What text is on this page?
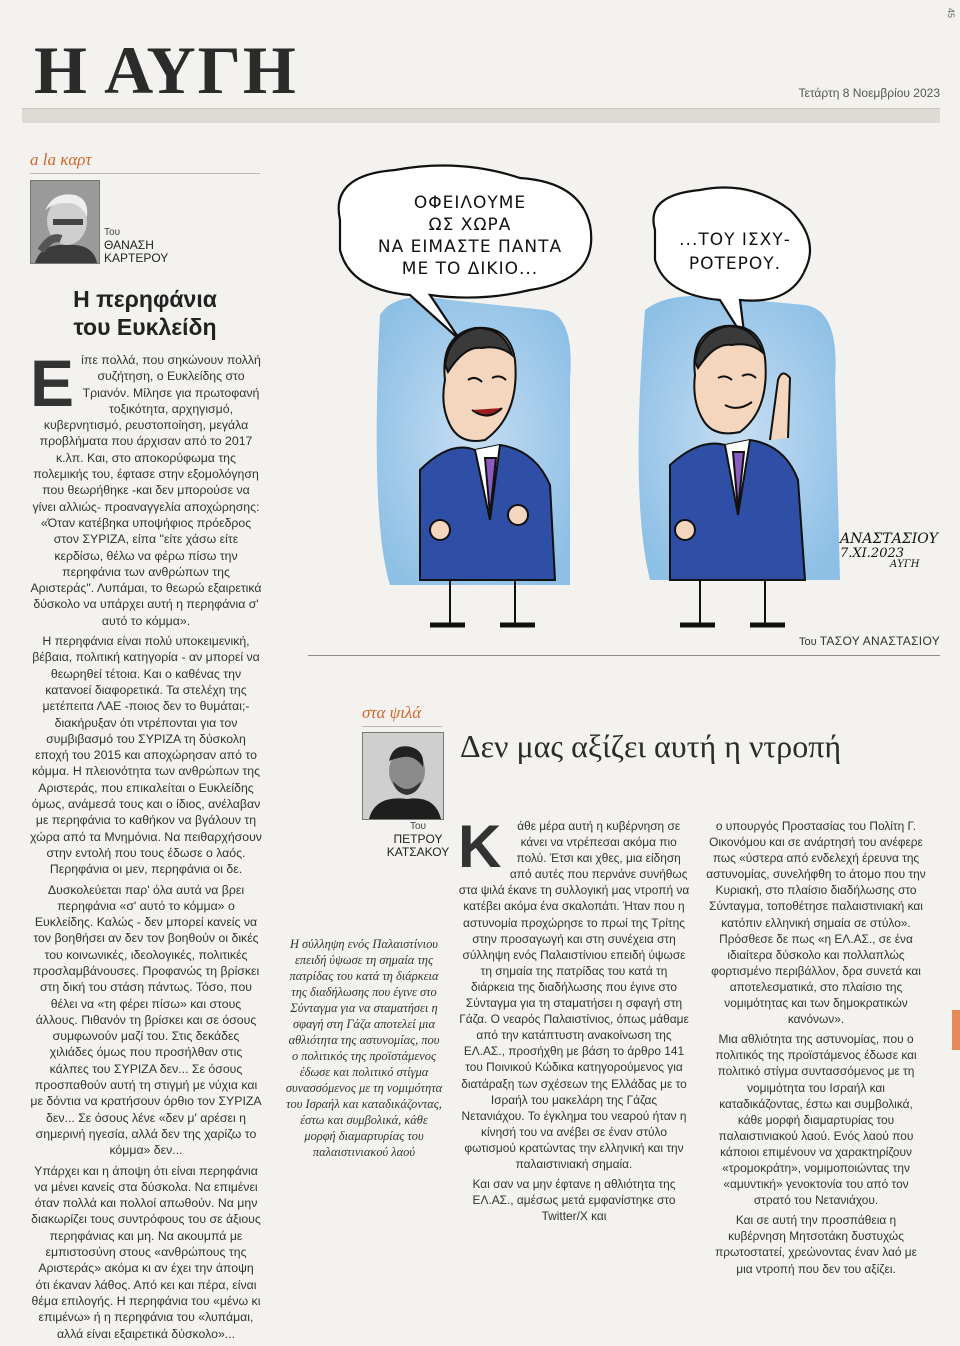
45
Η ΑΥΓΗ	Τετάρτη 8 Νοεμβρίου 2023
a la καρτ
Του
ΘΑΝΑΣΗ
ΚΑΡΤΕΡΟΥ
Η περηφάνια
του Ευκλείδη

Είπε πολλά, που σηκώνουν πολλή συζήτηση, ο Ευκλείδης στο Τριανόν. Μίλησε για πρωτοφανή τοξικότητα, αρχηγισμό, κυβερνητισμό, ρευστοποίηση, μεγάλα προβλήματα που άρχισαν από το 2017 κ.λπ. Και, στο αποκορύφωμα της πολεμικής του, έφτασε στην εξομολόγηση που θεωρήθηκε -και δεν μπορούσε να γίνει αλλιώς- προαναγγελία αποχώρησης: «Όταν κατέβηκα υποψήφιος πρόεδρος στον ΣΥΡΙΖΑ, είπα "είτε χάσω είτε κερδίσω, θέλω να φέρω πίσω την περηφάνια των ανθρώπων της Αριστεράς". Λυπάμαι, το θεωρώ εξαιρετικά δύσκολο να υπάρχει αυτή η περηφάνια σ' αυτό το κόμμα».

Η περηφάνια είναι πολύ υποκειμενική, βέβαια, πολιτική κατηγορία - αν μπορεί να θεωρηθεί τέτοια. Και ο καθένας την κατανοεί διαφορετικά. Τα στελέχη της μετέπειτα ΛΑΕ -ποιος δεν το θυμάται;- διακήρυξαν ότι ντρέπονται για τον συμβιβασμό του ΣΥΡΙΖΑ τη δύσκολη εποχή του 2015 και αποχώρησαν από το κόμμα. Η πλειονότητα των ανθρώπων της Αριστεράς, που επικαλείται ο Ευκλείδης όμως, ανάμεσά τους και ο ίδιος, ανέλαβαν με περηφάνια το καθήκον να βγάλουν τη χώρα από τα Μνημόνια. Να πειθαρχήσουν στην εντολή που τους έδωσε ο λαός. Περηφάνια οι μεν, περηφάνια οι δε.

Δυσκολεύεται παρ' όλα αυτά να βρει περηφάνια «σ' αυτό το κόμμα» ο Ευκλείδης. Καλώς - δεν μπορεί κανείς να τον βοηθήσει αν δεν τον βοηθούν οι δικές του κοινωνικές, ιδεολογικές, πολιτικές προσλαμβάνουσες. Προφανώς τη βρίσκει στη δική του στάση πάντως. Τόσο, που θέλει να «τη φέρει πίσω» και στους άλλους. Πιθανόν τη βρίσκει και σε όσους συμφωνούν μαζί του. Στις δεκάδες χιλιάδες όμως που προσήλθαν στις κάλπες του ΣΥΡΙΖΑ δεν... Σε όσους προσπαθούν αυτή τη στιγμή με νύχια και με δόντια να κρατήσουν όρθιο τον ΣΥΡΙΖΑ δεν... Σε όσους λένε «δεν μ' αρέσει η σημερινή ηγεσία, αλλά δεν της χαρίζω το κόμμα» δεν...

Υπάρχει και η άποψη ότι είναι περηφάνια να μένει κανείς στα δύσκολα. Να επιμένει όταν πολλά και πολλοί απωθούν. Να μην διακωρίζει τους συντρόφους του σε άξιους περηφάνιας και μη. Να ακουμπά με εμπιστοσύνη στους «ανθρώπους της Αριστεράς» ακόμα κι αν έχει την άποψη ότι έκαναν λάθος. Από κει και πέρα, είναι θέμα επιλογής. Η περηφάνια του «μένω κι επιμένω» ή η περηφάνια του «λυπάμαι, αλλά είναι εξαιρετικά δύσκολο»...

ΟΦΕΙΛΟΥΜΕ
ΩΣ ΧΩΡΑ
ΝΑ ΕΙΜΑΣΤΕ ΠΑΝΤΑ
ΜΕ ΤΟ ΔΙΚΙΟ...
...ΤΟΥ ΙΣΧΥ-
ΡΟΤΕΡΟΥ.
ΑΝΑΣΤΑΣΙΟΥ
7.XI.2023
ΑΥΓΗ
Του ΤΑΣΟΥ ΑΝΑΣΤΑΣΙΟΥ
στα ψιλά
Του
ΠΕΤΡΟΥ
ΚΑΤΣΑΚΟΥ
Δεν μας αξίζει αυτή η ντροπή
Η σύλληψη ενός Παλαιστίνιου επειδή ύψωσε τη σημαία της πατρίδας του κατά τη διάρκεια της διαδήλωσης που έγινε στο Σύνταγμα για να σταματήσει η σφαγή στη Γάζα αποτελεί μια αθλιότητα της αστυνομίας, που ο πολιτικός της προϊστάμενος έδωσε και πολιτικό στίγμα συνασσόμενος με τη νομιμότητα του Ισραήλ και καταδικάζοντας, έστω και συμβολικά, κάθε μορφή διαμαρτυρίας του παλαιστινιακού λαού

Κ άθε μέρα αυτή η κυβέρνηση σε κάνει να ντρέπεσαι ακόμα πιο πολύ. Έτσι και χθες, μια είδηση από αυτές που περνάνε συνήθως στα ψιλά έκανε τη συλλογική μας ντροπή να κατέβει ακόμα ένα σκαλοπάτι. Ήταν που η αστυνομία προχώρησε το πρωί της Τρίτης στην προσαγωγή και στη συνέχεια στη σύλληψη ενός Παλαιστίνιου επειδή ύψωσε τη σημαία της πατρίδας του κατά τη διάρκεια της διαδήλωσης που έγινε στο Σύνταγμα για τη σταματήσει η σφαγή στη Γάζα. Ο νεαρός Παλαιστίνιος, όπως μάθαμε από την κατάπτυστη ανακοίνωση της ΕΛ.ΑΣ., προσήχθη με βάση το άρθρο 141 του Ποινικού Κώδικα κατηγορούμενος για διατάραξη των σχέσεων της Ελλάδας με το Ισραήλ του μακελάρη της Γάζας Νετανιάχου. Το έγκλημα του νεαρού ήταν η κίνησή του να ανέβει σε έναν στύλο φωτισμού κρατώντας την ελληνική και την παλαιστινιακή σημαία.

Και σαν να μην έφτανε η αθλιότητα της ΕΛ.ΑΣ., αμέσως μετά εμφανίστηκε στο Twitter/X και

ο υπουργός Προστασίας του Πολίτη Γ. Οικονόμου και σε ανάρτησή του ανέφερε πως «ύστερα από ενδελεχή έρευνα της αστυνομίας, συνελήφθη το άτομο που την Κυριακή, στο πλαίσιο διαδήλωσης στο Σύνταγμα, τοποθέτησε παλαιστινιακή και κατόπιν ελληνική σημαία σε στύλο». Πρόσθεσε δε πως «η ΕΛ.ΑΣ., σε ένα ιδιαίτερα δύσκολο και πολλαπλώς φορτισμένο περιβάλλον, δρα συνετά και αποτελεσματικά, στο πλαίσιο της νομιμότητας και των δημοκρατικών κανόνων».

Μια αθλιότητα της αστυνομίας, που ο πολιτικός της προϊστάμενος έδωσε και πολιτικό στίγμα συντασσόμενος με τη νομιμότητα του Ισραήλ και καταδικάζοντας, έστω και συμβολικά, κάθε μορφή διαμαρτυρίας του παλαιστινιακού λαού. Ενός λαού που κάποιοι επιμένουν να χαρακτηρίζουν «τρομοκράτη», νομιμοποιώντας την «αμυντική» γενοκτονία του από τον στρατό του Νετανιάχου.

Και σε αυτή την προσπάθεια η κυβέρνηση Μητσοτάκη δυστυχώς πρωτοστατεί, χρεώνοντας έναν λαό με μια ντροπή που δεν του αξίζει.
